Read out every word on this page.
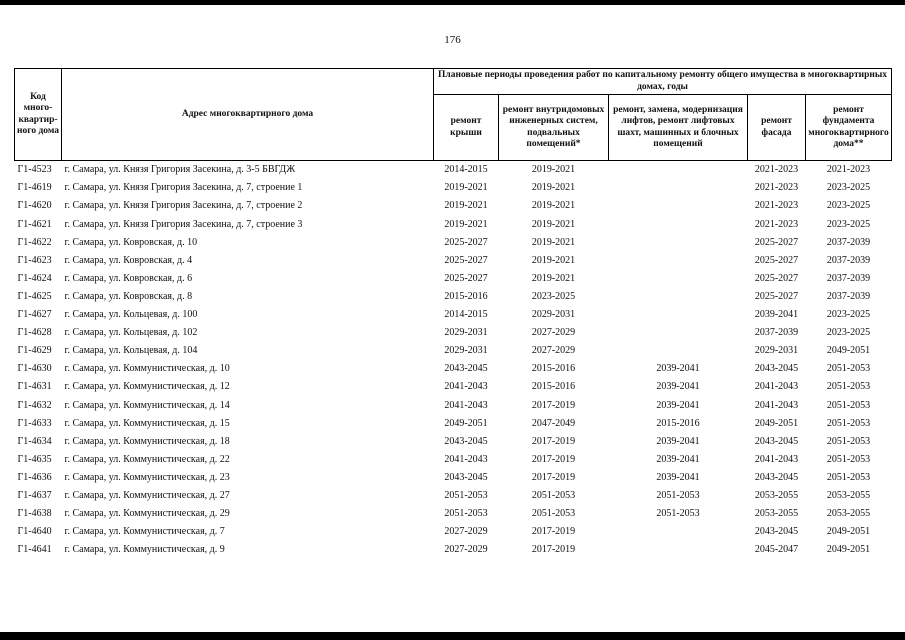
176
Код много-квартир-ного дома	Адрес многоквартирного дома	Плановые периоды проведения работ по капитальному ремонту общего имущества в многоквартирных домах, годы				
		ремонт крыши	ремонт внутридомовых инженерных систем, подвальных помещений*	ремонт, замена, модернизация лифтов, ремонт лифтовых шахт, машинных и блочных помещений	ремонт фасада	ремонт фундамента многоквартирного дома**
Г1-4523	г. Самара, ул. Князя Григория Засекина, д. 3-5 БВГДЖ	2014-2015	2019-2021		2021-2023	2021-2023
Г1-4619	г. Самара, ул. Князя Григория Засекина, д. 7, строение 1	2019-2021	2019-2021		2021-2023	2023-2025
Г1-4620	г. Самара, ул. Князя Григория Засекина, д. 7, строение 2	2019-2021	2019-2021		2021-2023	2023-2025
Г1-4621	г. Самара, ул. Князя Григория Засекина, д. 7, строение 3	2019-2021	2019-2021		2021-2023	2023-2025
Г1-4622	г. Самара, ул. Ковровская, д. 10	2025-2027	2019-2021		2025-2027	2037-2039
Г1-4623	г. Самара, ул. Ковровская, д. 4	2025-2027	2019-2021		2025-2027	2037-2039
Г1-4624	г. Самара, ул. Ковровская, д. 6	2025-2027	2019-2021		2025-2027	2037-2039
Г1-4625	г. Самара, ул. Ковровская, д. 8	2015-2016	2023-2025		2025-2027	2037-2039
Г1-4627	г. Самара, ул. Кольцевая, д. 100	2014-2015	2029-2031		2039-2041	2023-2025
Г1-4628	г. Самара, ул. Кольцевая, д. 102	2029-2031	2027-2029		2037-2039	2023-2025
Г1-4629	г. Самара, ул. Кольцевая, д. 104	2029-2031	2027-2029		2029-2031	2049-2051
Г1-4630	г. Самара, ул. Коммунистическая, д. 10	2043-2045	2015-2016	2039-2041	2043-2045	2051-2053
Г1-4631	г. Самара, ул. Коммунистическая, д. 12	2041-2043	2015-2016	2039-2041	2041-2043	2051-2053
Г1-4632	г. Самара, ул. Коммунистическая, д. 14	2041-2043	2017-2019	2039-2041	2041-2043	2051-2053
Г1-4633	г. Самара, ул. Коммунистическая, д. 15	2049-2051	2047-2049	2015-2016	2049-2051	2051-2053
Г1-4634	г. Самара, ул. Коммунистическая, д. 18	2043-2045	2017-2019	2039-2041	2043-2045	2051-2053
Г1-4635	г. Самара, ул. Коммунистическая, д. 22	2041-2043	2017-2019	2039-2041	2041-2043	2051-2053
Г1-4636	г. Самара, ул. Коммунистическая, д. 23	2043-2045	2017-2019	2039-2041	2043-2045	2051-2053
Г1-4637	г. Самара, ул. Коммунистическая, д. 27	2051-2053	2051-2053	2051-2053	2053-2055	2053-2055
Г1-4638	г. Самара, ул. Коммунистическая, д. 29	2051-2053	2051-2053	2051-2053	2053-2055	2053-2055
Г1-4640	г. Самара, ул. Коммунистическая, д. 7	2027-2029	2017-2019		2043-2045	2049-2051
Г1-4641	г. Самара, ул. Коммунистическая, д. 9	2027-2029	2017-2019		2045-2047	2049-2051
